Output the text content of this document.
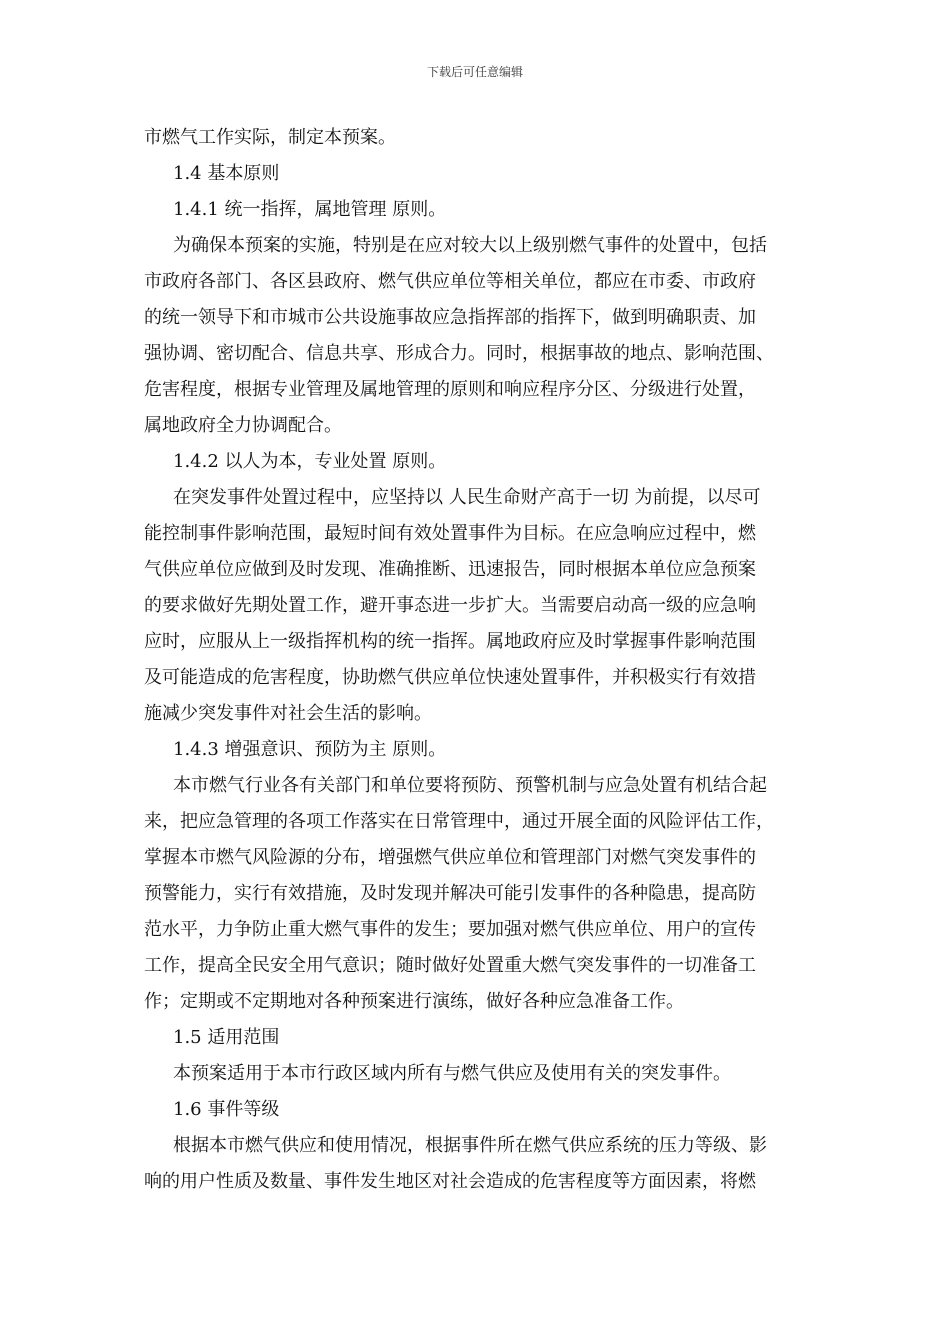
下载后可任意编辑
市燃气工作实际，制定本预案。
1.4 基本原则
1.4.1 统一指挥，属地管理 原则。
为确保本预案的实施，特别是在应对较大以上级别燃气事件的处置中，包括
市政府各部门、各区县政府、燃气供应单位等相关单位，都应在市委、市政府
的统一领导下和市城市公共设施事故应急指挥部的指挥下，做到明确职责、加
强协调、密切配合、信息共享、形成合力。同时，根据事故的地点、影响范围、
危害程度，根据专业管理及属地管理的原则和响应程序分区、分级进行处置，
属地政府全力协调配合。
1.4.2 以人为本，专业处置 原则。
在突发事件处置过程中，应坚持以 人民生命财产高于一切 为前提，以尽可
能控制事件影响范围，最短时间有效处置事件为目标。在应急响应过程中，燃
气供应单位应做到及时发现、准确推断、迅速报告，同时根据本单位应急预案
的要求做好先期处置工作，避开事态进一步扩大。当需要启动高一级的应急响
应时，应服从上一级指挥机构的统一指挥。属地政府应及时掌握事件影响范围
及可能造成的危害程度，协助燃气供应单位快速处置事件，并积极实行有效措
施减少突发事件对社会生活的影响。
1.4.3 增强意识、预防为主 原则。
本市燃气行业各有关部门和单位要将预防、预警机制与应急处置有机结合起
来，把应急管理的各项工作落实在日常管理中，通过开展全面的风险评估工作，
掌握本市燃气风险源的分布，增强燃气供应单位和管理部门对燃气突发事件的
预警能力，实行有效措施，及时发现并解决可能引发事件的各种隐患，提高防
范水平，力争防止重大燃气事件的发生；要加强对燃气供应单位、用户的宣传
工作，提高全民安全用气意识；随时做好处置重大燃气突发事件的一切准备工
作；定期或不定期地对各种预案进行演练，做好各种应急准备工作。
1.5 适用范围
本预案适用于本市行政区域内所有与燃气供应及使用有关的突发事件。
1.6 事件等级
根据本市燃气供应和使用情况，根据事件所在燃气供应系统的压力等级、影
响的用户性质及数量、事件发生地区对社会造成的危害程度等方面因素，将燃
